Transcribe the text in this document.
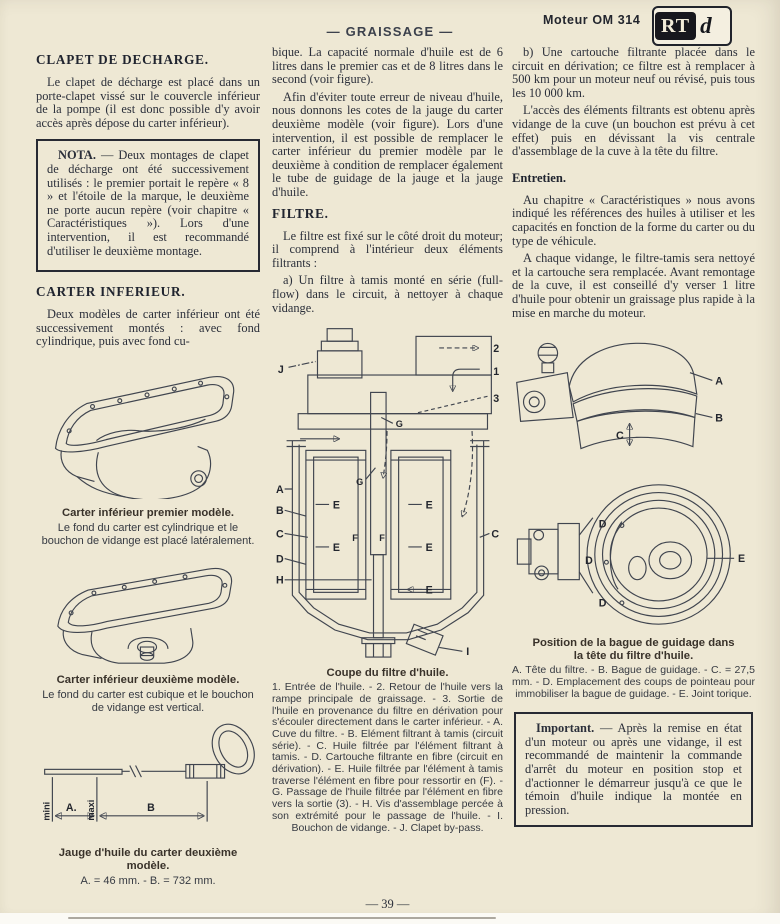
— GRAISSAGE —
Moteur OM 314	RT d
CLAPET DE DECHARGE.

Le clapet de décharge est placé dans un porte-clapet vissé sur le couvercle inférieur de la pompe (il est donc possible d'y avoir accès après dépose du carter inférieur).

NOTA. — Deux montages de clapet de décharge ont été successivement utilisés : le premier portait le repère « 8 » et l'étoile de la marque, le deuxième ne porte aucun repère (voir chapitre « Caractéristiques »). Lors d'une intervention, il est recommandé d'utiliser le deuxième montage.

CARTER INFERIEUR.

Deux modèles de carter inférieur ont été successivement montés : avec fond cylindrique, puis avec fond cu-

Carter inférieur premier modèle.
Le fond du carter est cylindrique et le bouchon de vidange est placé latéralement.
Carter inférieur deuxième modèle.
Le fond du carter est cubique et le bouchon de vidange est vertical.
mini	maxi
A.	B
Jauge d'huile du carter deuxième modèle.
A. = 46 mm. - B. = 732 mm.

bique. La capacité normale d'huile est de 6 litres dans le premier cas et de 8 litres dans le second (voir figure).

Afin d'éviter toute erreur de niveau d'huile, nous donnons les cotes de la jauge du carter deuxième modèle (voir figure). Lors d'une intervention, il est possible de remplacer le carter inférieur du premier modèle par le deuxième à condition de remplacer également le tube de guidage de la jauge et la jauge d'huile.

FILTRE.

Le filtre est fixé sur le côté droit du moteur; il comprend à l'intérieur deux éléments filtrants :

a) Un filtre à tamis monté en série (full-flow) dans le circuit, à nettoyer à chaque vidange.

2
1
3
J
G
G
A
B
C
D
H
C
E
E
E
E
E
F F
I
Coupe du filtre d'huile.
1. Entrée de l'huile. - 2. Retour de l'huile vers la rampe principale de graissage. - 3. Sortie de l'huile en provenance du filtre en dérivation pour s'écouler directement dans le carter inférieur. - A. Cuve du filtre. - B. Elément filtrant à tamis (circuit série). - C. Huile filtrée par l'élément filtrant à tamis. - D. Cartouche filtrante en fibre (circuit en dérivation). - E. Huile filtrée par l'élément à tamis traverse l'élément en fibre pour ressortir en (F). - G. Passage de l'huile filtrée par l'élément en fibre vers la sortie (3). - H. Vis d'assemblage percée à son extrémité pour le passage de l'huile. - I. Bouchon de vidange. - J. Clapet by-pass.

b) Une cartouche filtrante placée dans le circuit en dérivation; ce filtre est à remplacer à 500 km pour un moteur neuf ou révisé, puis tous les 10 000 km.

L'accès des éléments filtrants est obtenu après vidange de la cuve (un bouchon est prévu à cet effet) puis en dévissant la vis centrale d'assemblage de la cuve à la tête du filtre.

Entretien.

Au chapitre « Caractéristiques » nous avons indiqué les références des huiles à utiliser et les capacités en fonction de la forme du carter ou du type de véhicule.

A chaque vidange, le filtre-tamis sera nettoyé et la cartouche sera remplacée. Avant remontage de la cuve, il est conseillé d'y verser 1 litre d'huile pour obtenir un graissage plus rapide à la mise en marche du moteur.

A
B
C
D
D
D
E
Position de la bague de guidage dans
la tête du filtre d'huile.
A. Tête du filtre. - B. Bague de guidage. - C. = 27,5 mm. - D. Emplacement des coups de pointeau pour immobiliser la bague de guidage. - E. Joint torique.

Important. — Après la remise en état d'un moteur ou après une vidange, il est recommandé de maintenir la commande d'arrêt du moteur en position stop et d'actionner le démarreur jusqu'à ce que le témoin d'huile indique la montée en pression.

— 39 —
